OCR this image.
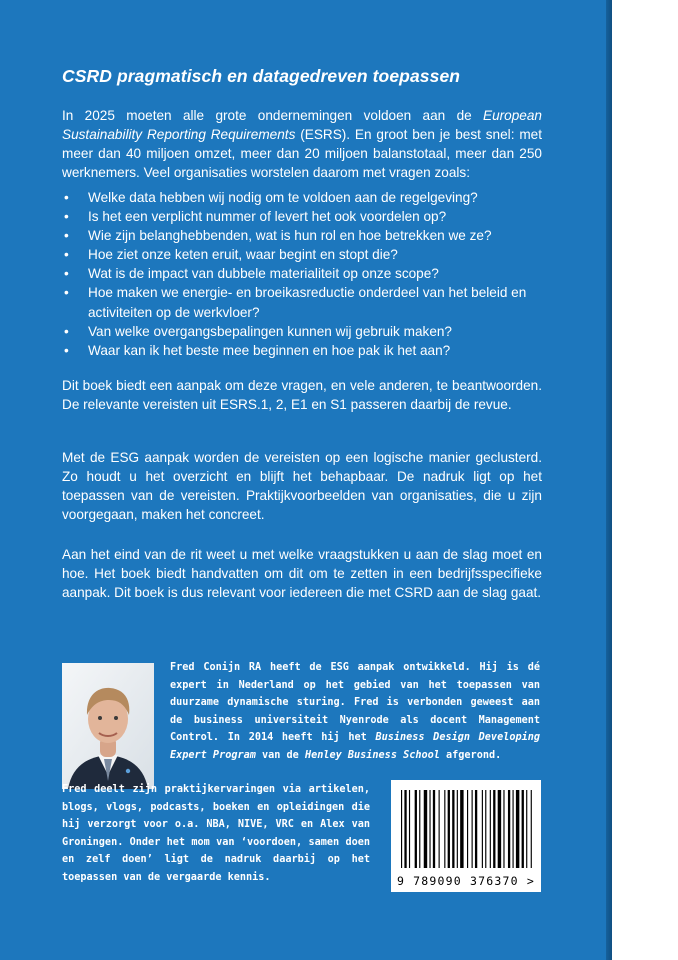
CSRD pragmatisch en datagedreven toepassen

In 2025 moeten alle grote ondernemingen voldoen aan de European Sustainability Reporting Requirements (ESRS). En groot ben je best snel: met meer dan 40 miljoen omzet, meer dan 20 miljoen balanstotaal, meer dan 250 werknemers. Veel organisaties worstelen daarom met vragen zoals:

• Welke data hebben wij nodig om te voldoen aan de regelgeving?
• Is het een verplicht nummer of levert het ook voordelen op?
• Wie zijn belanghebbenden, wat is hun rol en hoe betrekken we ze?
• Hoe ziet onze keten eruit, waar begint en stopt die?
• Wat is de impact van dubbele materialiteit op onze scope?
• Hoe maken we energie- en broeikasreductie onderdeel van het beleid en activiteiten op de werkvloer?
• Van welke overgangsbepalingen kunnen wij gebruik maken?
• Waar kan ik het beste mee beginnen en hoe pak ik het aan?

Dit boek biedt een aanpak om deze vragen, en vele anderen, te beantwoorden. De relevante vereisten uit ESRS.1, 2, E1 en S1 passeren daarbij de revue.

Met de ESG aanpak worden de vereisten op een logische manier geclusterd. Zo houdt u het overzicht en blijft het behapbaar. De nadruk ligt op het toepassen van de vereisten. Praktijkvoorbeelden van organisaties, die u zijn voorgegaan, maken het concreet.

Aan het eind van de rit weet u met welke vraagstukken u aan de slag moet en hoe. Het boek biedt handvatten om dit om te zetten in een bedrijfsspecifieke aanpak. Dit boek is dus relevant voor iedereen die met CSRD aan de slag gaat.

Fred Conijn RA heeft de ESG aanpak ontwikkeld. Hij is dé expert in Nederland op het gebied van het toepassen van duurzame dynamische sturing. Fred is verbonden geweest aan de business universiteit Nyenrode als docent Management Control. In 2014 heeft hij het Business Design Developing Expert Program van de Henley Business School afgerond.

Fred deelt zijn praktijkervaringen via artikelen, blogs, vlogs, podcasts, boeken en opleidingen die hij verzorgt voor o.a. NBA, NIVE, VRC en Alex van Groningen. Onder het mom van ‘voordoen, samen doen en zelf doen’ ligt de nadruk daarbij op het toepassen van de vergaarde kennis.	9 789090 376370 >
